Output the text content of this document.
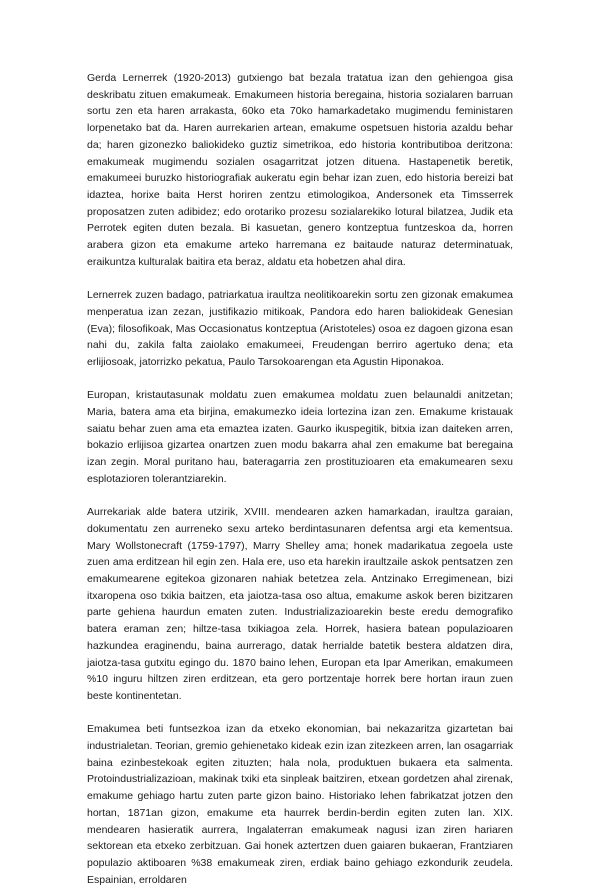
Gerda Lernerrek (1920-2013) gutxiengo bat bezala tratatua izan den gehiengoa gisa deskribatu zituen emakumeak. Emakumeen historia beregaina, historia sozialaren barruan sortu zen eta haren arrakasta, 60ko eta 70ko hamarkadetako mugimendu feministaren lorpenetako bat da. Haren aurrekarien artean, emakume ospetsuen historia azaldu behar da; haren gizonezko baliokideko guztiz simetrikoa, edo historia kontributiboa deritzona: emakumeak mugimendu sozialen osagarritzat jotzen dituena. Hastapenetik beretik, emakumeei buruzko historiografiak aukeratu egin behar izan zuen, edo historia bereizi bat idaztea, horixe baita Herst horiren zentzu etimologikoa, Andersonek eta Timsserrek proposatzen zuten adibidez; edo orotariko prozesu sozialarekiko lotural bilatzea, Judik eta Perrotek egiten duten bezala. Bi kasuetan, genero kontzeptua funtzeskoa da, horren arabera gizon eta emakume arteko harremana ez baitaude naturaz determinatuak, eraikuntza kulturalak baitira eta beraz, aldatu eta hobetzen ahal dira.

Lernerrek zuzen badago, patriarkatua iraultza neolitikoarekin sortu zen gizonak emakumea menperatua izan zezan, justifikazio mitikoak, Pandora edo haren baliokideak Genesian (Eva); filosofikoak, Mas Occasionatus kontzeptua (Aristoteles) osoa ez dagoen gizona esan nahi du, zakila falta zaiolako emakumeei, Freudengan berriro agertuko dena; eta erlijiosoak, jatorrizko pekatua, Paulo Tarsokoarengan eta Agustin Hiponakoa.

Europan, kristautasunak moldatu zuen emakumea moldatu zuen belaunaldi anitzetan; Maria, batera ama eta birjina, emakumezko ideia lortezina izan zen. Emakume kristauak saiatu behar zuen ama eta emaztea izaten. Gaurko ikuspegitik, bitxia izan daiteken arren, bokazio erlijisoa gizartea onartzen zuen modu bakarra ahal zen emakume bat beregaina izan zegin. Moral puritano hau, bateragarria zen prostituzioaren eta emakumearen sexu esplotazioren tolerantziarekin.

Aurrekariak alde batera utzirik, XVIII. mendearen azken hamarkadan, iraultza garaian, dokumentatu zen aurreneko sexu arteko berdintasunaren defentsa argi eta kementsua. Mary Wollstonecraft (1759-1797), Marry Shelley ama; honek madarikatua zegoela uste zuen ama erditzean hil egin zen. Hala ere, uso eta harekin iraultzaile askok pentsatzen zen emakumearene egitekoa gizonaren nahiak betetzea zela. Antzinako Erregimenean, bizi itxaropena oso txikia baitzen, eta jaiotza-tasa oso altua, emakume askok beren bizitzaren parte gehiena haurdun ematen zuten. Industrializazioarekin beste eredu demografiko batera eraman zen; hiltze-tasa txikiagoa zela. Horrek, hasiera batean populazioaren hazkundea eraginendu, baina aurrerago, datak herrialde batetik bestera aldatzen dira, jaiotza-tasa gutxitu egingo du. 1870 baino lehen, Europan eta Ipar Amerikan, emakumeen %10 inguru hiltzen ziren erditzean, eta gero portzentaje horrek bere hortan iraun zuen beste kontinentetan.

Emakumea beti funtsezkoa izan da etxeko ekonomian, bai nekazaritza gizartetan bai industrialetan. Teorian, gremio gehienetako kideak ezin izan zitezkeen arren, lan osagarriak baina ezinbestekoak egiten zituzten; hala nola, produktuen bukaera eta salmenta. Protoindustrializazioan, makinak txiki eta sinpleak baitziren, etxean gordetzen ahal zirenak, emakume gehiago hartu zuten parte gizon baino. Historiako lehen fabrikatzat jotzen den hortan, 1871an gizon, emakume eta haurrek berdin-berdin egiten zuten lan. XIX. mendearen hasieratik aurrera, Ingalaterran emakumeak nagusi izan ziren hariaren sektorean eta etxeko zerbitzuan. Gai honek aztertzen duen gaiaren bukaeran, Frantziaren populazio aktiboaren %38 emakumeak ziren, erdiak baino gehiago ezkondurik zeudela. Espainian, erroldaren
